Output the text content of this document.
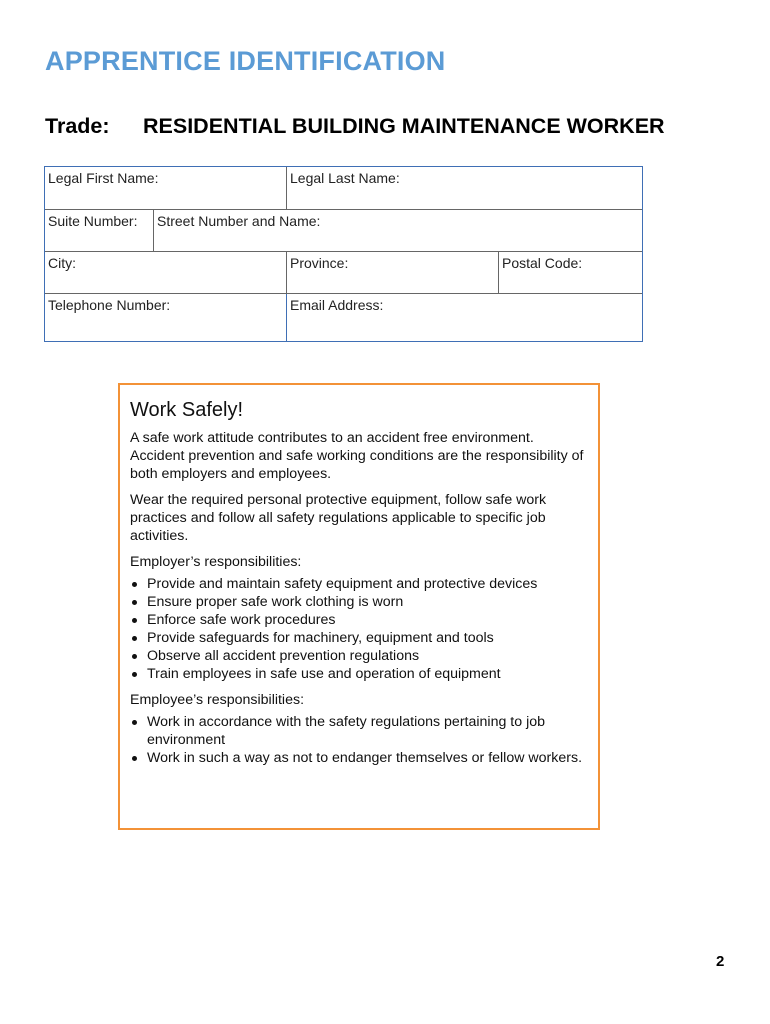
APPRENTICE IDENTIFICATION
Trade: RESIDENTIAL BUILDING MAINTENANCE WORKER
Legal First Name:	Legal Last Name:
Suite Number:	Street Number and Name:
City:	Province:	Postal Code:
Telephone Number:	Email Address:
Work Safely!

A safe work attitude contributes to an accident free environment. Accident prevention and safe working conditions are the responsibility of both employers and employees.

Wear the required personal protective equipment, follow safe work practices and follow all safety regulations applicable to specific job activities.

Employer’s responsibilities:

Provide and maintain safety equipment and protective devices
Ensure proper safe work clothing is worn
Enforce safe work procedures
Provide safeguards for machinery, equipment and tools
Observe all accident prevention regulations
Train employees in safe use and operation of equipment

Employee’s responsibilities:

Work in accordance with the safety regulations pertaining to job environment
Work in such a way as not to endanger themselves or fellow workers.
2
